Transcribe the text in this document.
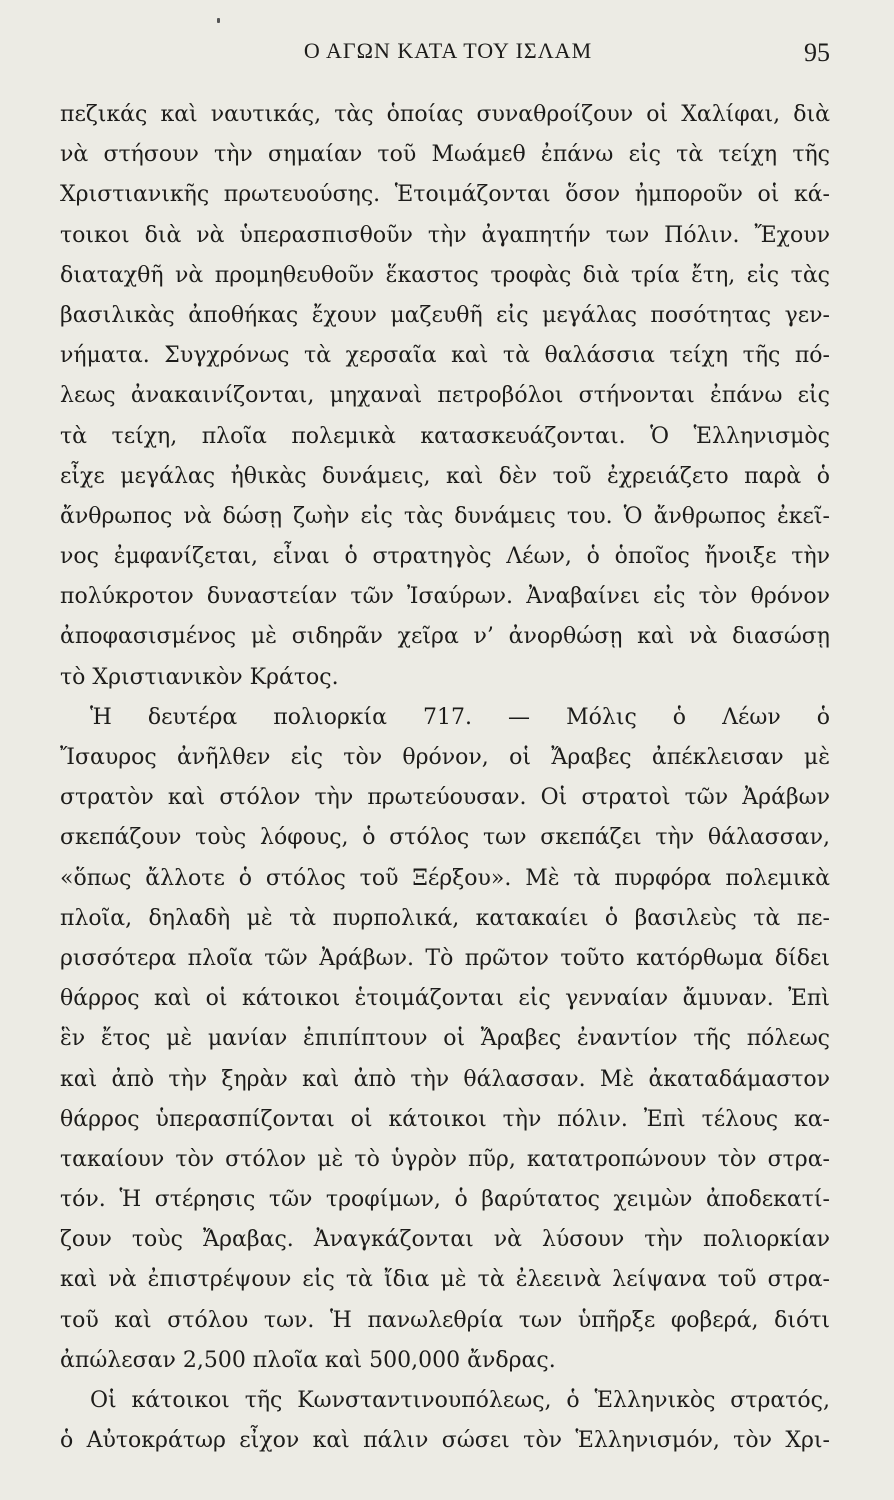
Ο ΑΓΩΝ ΚΑΤΑ ΤΟΥ ΙΣΛΑΜ	95
πεζικάς καὶ ναυτικάς, τὰς ὁποίας συναθροίζουν οἱ Χαλίφαι, διὰ
νὰ στήσουν τὴν σημαίαν τοῦ Μωάμεθ ἐπάνω εἰς τὰ τείχη τῆς
Χριστιανικῆς πρωτευούσης. Ἑτοιμάζονται ὅσον ἠμποροῦν οἱ κά-
τοικοι διὰ νὰ ὑπερασπισθοῦν τὴν ἀγαπητήν των Πόλιν. Ἔχουν
διαταχθῆ νὰ προμηθευθοῦν ἕκαστος τροφὰς διὰ τρία ἔτη, εἰς τὰς
βασιλικὰς ἀποθήκας ἔχουν μαζευθῆ εἰς μεγάλας ποσότητας γεν-
νήματα. Συγχρόνως τὰ χερσαῖα καὶ τὰ θαλάσσια τείχη τῆς πό-
λεως ἀνακαινίζονται, μηχαναὶ πετροβόλοι στήνονται ἐπάνω εἰς
τὰ τείχη, πλοῖα πολεμικὰ κατασκευάζονται. Ὁ Ἑλληνισμὸς
εἶχε μεγάλας ἠθικὰς δυνάμεις, καὶ δὲν τοῦ ἐχρειάζετο παρὰ ὁ
ἄνθρωπος νὰ δώσῃ ζωὴν εἰς τὰς δυνάμεις του. Ὁ ἄνθρωπος ἐκεῖ-
νος ἐμφανίζεται, εἶναι ὁ στρατηγὸς Λέων, ὁ ὁποῖος ἤνοιξε τὴν
πολύκροτον δυναστείαν τῶν Ἰσαύρων. Ἀναβαίνει εἰς τὸν θρόνον
ἀποφασισμένος μὲ σιδηρᾶν χεῖρα ν’ ἀνορθώσῃ καὶ νὰ διασώσῃ
τὸ Χριστιανικὸν Κράτος.
Ἡ δευτέρα πολιορκία 717. — Μόλις ὁ Λέων ὁ
Ἴσαυρος ἀνῆλθεν εἰς τὸν θρόνον, οἱ Ἄραβες ἀπέκλεισαν μὲ
στρατὸν καὶ στόλον τὴν πρωτεύουσαν. Οἱ στρατοὶ τῶν Ἀράβων
σκεπάζουν τοὺς λόφους, ὁ στόλος των σκεπάζει τὴν θάλασσαν,
«ὅπως ἄλλοτε ὁ στόλος τοῦ Ξέρξου». Μὲ τὰ πυρφόρα πολεμικὰ
πλοῖα, δηλαδὴ μὲ τὰ πυρπολικά, κατακαίει ὁ βασιλεὺς τὰ πε-
ρισσότερα πλοῖα τῶν Ἀράβων. Τὸ πρῶτον τοῦτο κατόρθωμα δίδει
θάρρος καὶ οἱ κάτοικοι ἑτοιμάζονται εἰς γενναίαν ἄμυναν. Ἐπὶ
ἓν ἔτος μὲ μανίαν ἐπιπίπτουν οἱ Ἄραβες ἐναντίον τῆς πόλεως
καὶ ἀπὸ τὴν ξηρὰν καὶ ἀπὸ τὴν θάλασσαν. Μὲ ἀκαταδάμαστον
θάρρος ὑπερασπίζονται οἱ κάτοικοι τὴν πόλιν. Ἐπὶ τέλους κα-
τακαίουν τὸν στόλον μὲ τὸ ὑγρὸν πῦρ, κατατροπώνουν τὸν στρα-
τόν. Ἡ στέρησις τῶν τροφίμων, ὁ βαρύτατος χειμὼν ἀποδεκατί-
ζουν τοὺς Ἄραβας. Ἀναγκάζονται νὰ λύσουν τὴν πολιορκίαν
καὶ νὰ ἐπιστρέψουν εἰς τὰ ἴδια μὲ τὰ ἐλεεινὰ λείψανα τοῦ στρα-
τοῦ καὶ στόλου των. Ἡ πανωλεθρία των ὑπῆρξε φοβερά, διότι
ἀπώλεσαν 2,500 πλοῖα καὶ 500,000 ἄνδρας.
Οἱ κάτοικοι τῆς Κωνσταντινουπόλεως, ὁ Ἑλληνικὸς στρατός,
ὁ Αὐτοκράτωρ εἶχον καὶ πάλιν σώσει τὸν Ἑλληνισμόν, τὸν Χρι-
